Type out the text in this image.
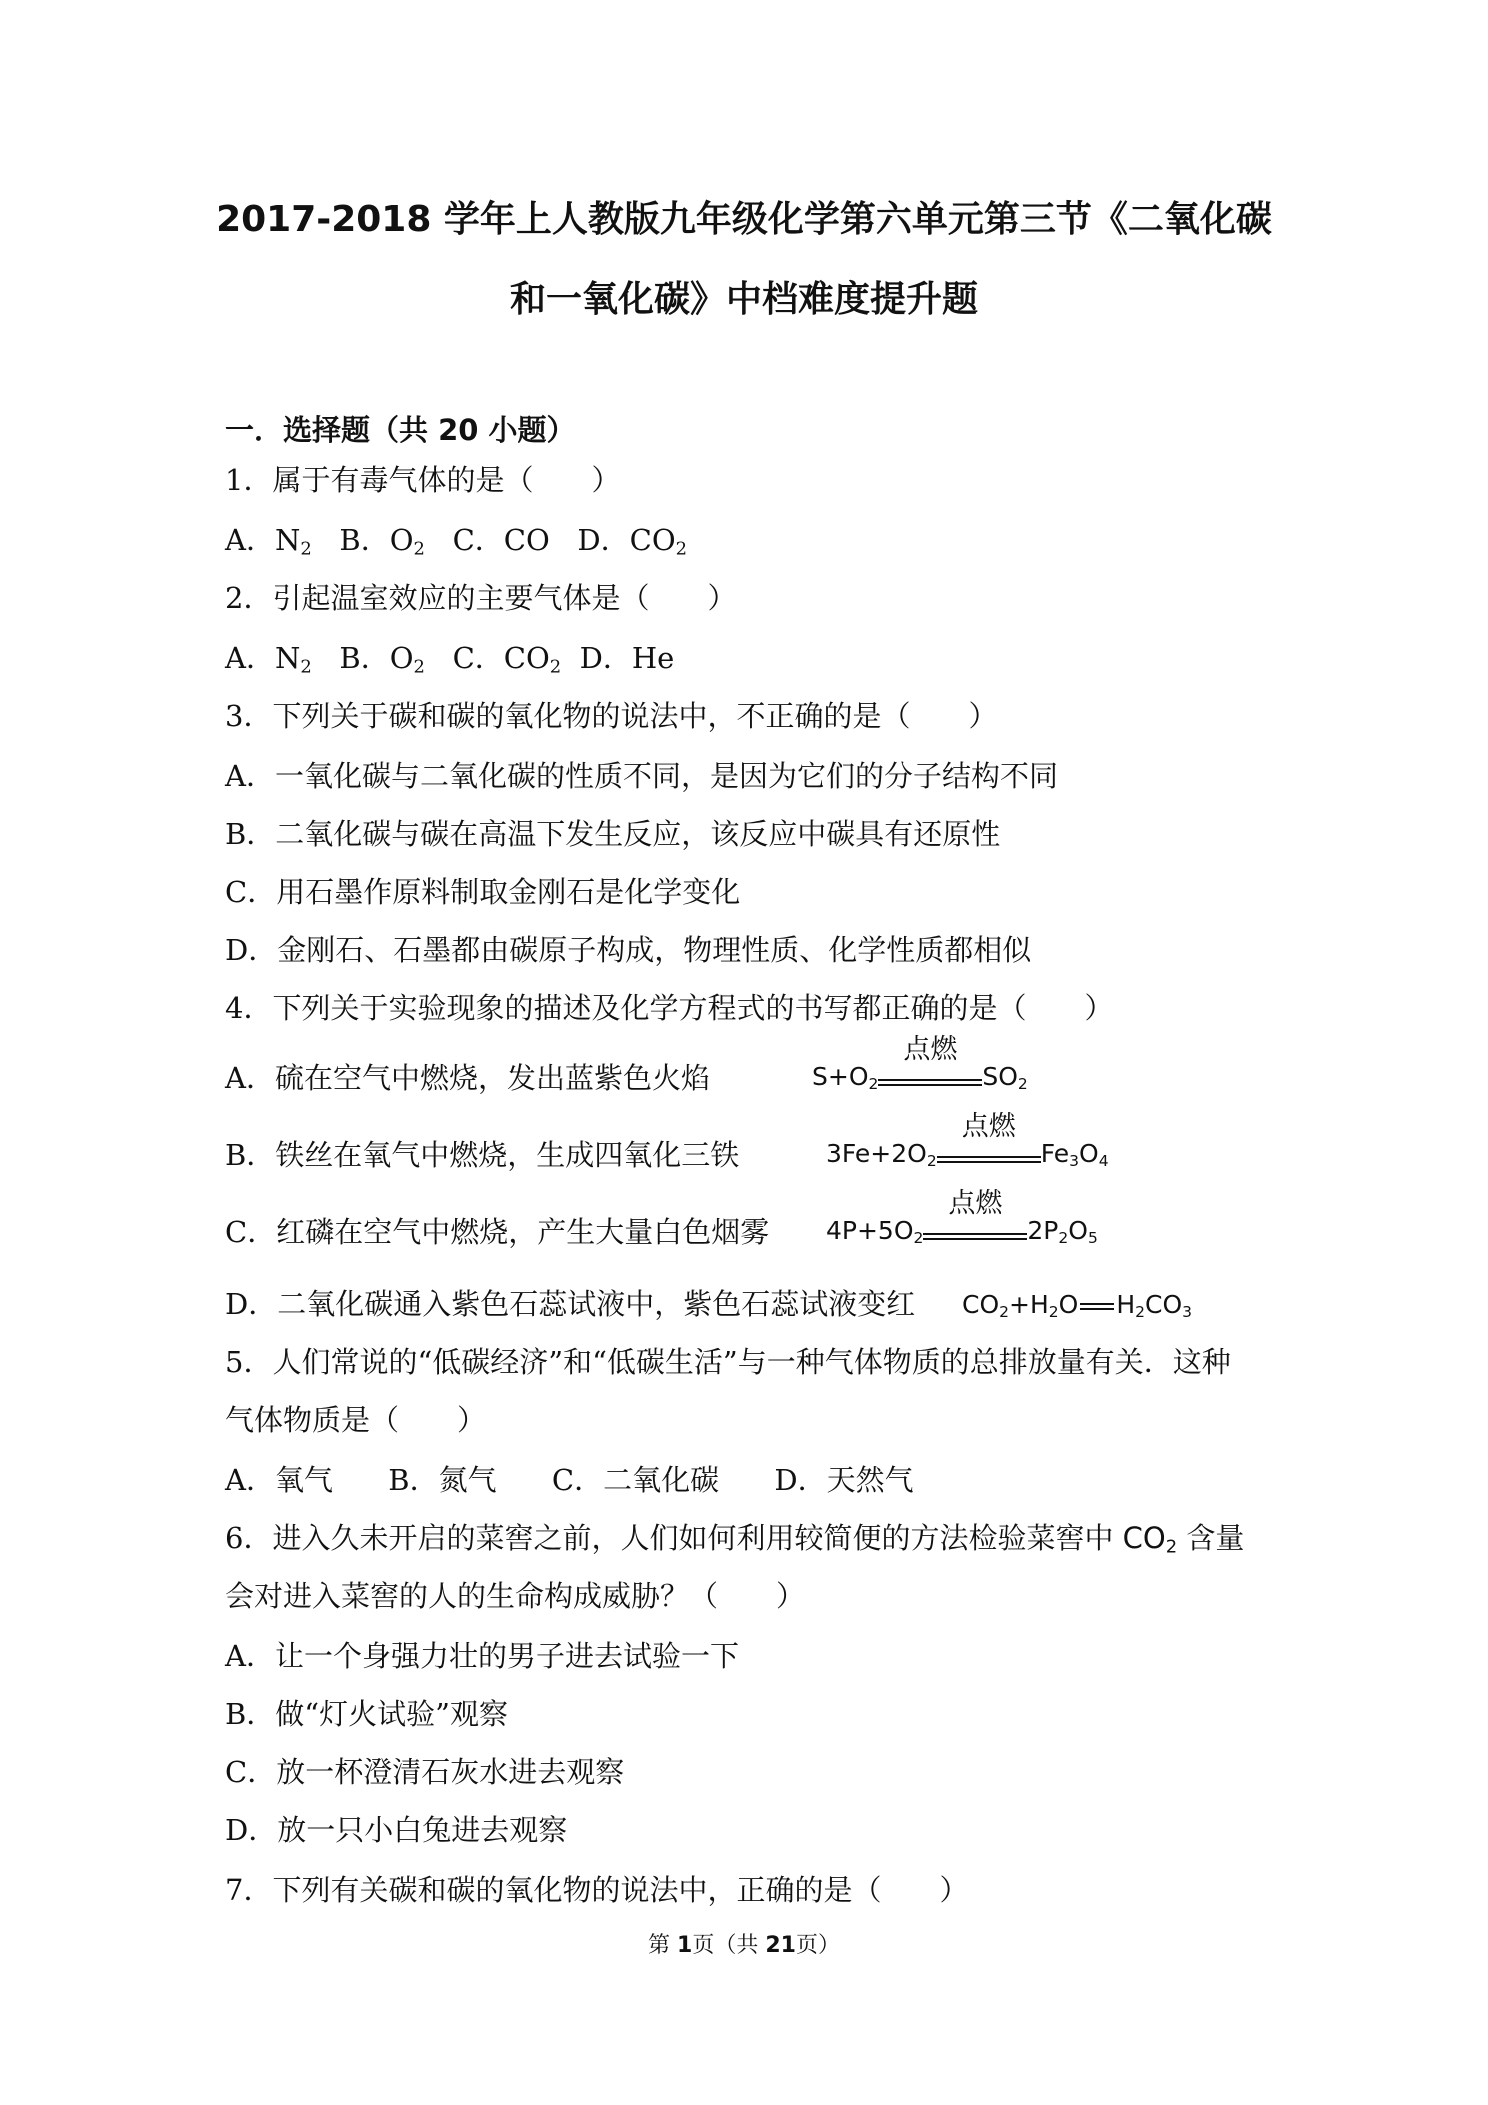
2017-2018 学年上人教版九年级化学第六单元第三节《二氧化碳
和一氧化碳》中档难度提升题
一．选择题（共 20 小题）
1．属于有毒气体的是（　　）
A．$N_2$ B．$O_2$ C．CO D．$CO_2$
2．引起温室效应的主要气体是（　　）
A．$N_2$ B．$O_2$ C．$CO_2$ D．He
3．下列关于碳和碳的氧化物的说法中，不正确的是（　　）
A．一氧化碳与二氧化碳的性质不同，是因为它们的分子结构不同
B．二氧化碳与碳在高温下发生反应，该反应中碳具有还原性
C．用石墨作原料制取金刚石是化学变化
D．金刚石、石墨都由碳原子构成，物理性质、化学性质都相似
4．下列关于实验现象的描述及化学方程式的书写都正确的是（　　）
A．硫在空气中燃烧，发出蓝紫色火焰	$S+O_2$
点燃
$SO_2$
B．铁丝在氧气中燃烧，生成四氧化三铁	$3Fe+2O_2$
点燃
$Fe_3O_4$
C．红磷在空气中燃烧，产生大量白色烟雾 $4P+5O_2$
点燃
$2P_2O_5$
D．二氧化碳通入紫色石蕊试液中，紫色石蕊试液变红 $CO_2+H_2O$ $H_2CO_3$
5．人们常说的“低碳经济”和“低碳生活”与一种气体物质的总排放量有关．这种
气体物质是（　　）
A．氧气 B．氮气 C．二氧化碳 D．天然气
6．进入久未开启的菜窖之前，人们如何利用较简便的方法检验菜窖中 $CO_2$ 含量
会对进入菜窖的人的生命构成威胁？（　　）
A．让一个身强力壮的男子进去试验一下
B．做“灯火试验”观察
C．放一杯澄清石灰水进去观察
D．放一只小白兔进去观察
7．下列有关碳和碳的氧化物的说法中，正确的是（　　）
第 1页（共 21页）
